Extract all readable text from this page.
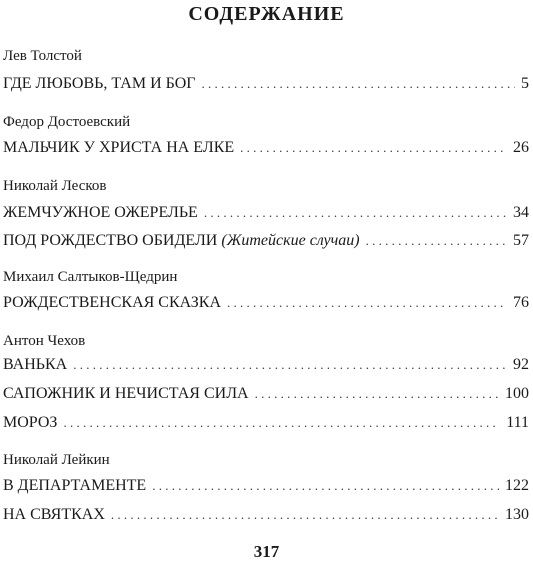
СОДЕРЖАНИЕ
Лев Толстой
ГДЕ ЛЮБОВЬ, ТАМ И БОГ . . .	5
Федор Достоевский
МАЛЬЧИК У ХРИСТА НА ЕЛКЕ . . .	26
Николай Лесков
ЖЕМЧУЖНОЕ ОЖЕРЕЛЬЕ . . .	34
ПОД РОЖДЕСТВО ОБИДЕЛИ (Житейские случаи) . . .	57
Михаил Салтыков-Щедрин
РОЖДЕСТВЕНСКАЯ СКАЗКА . . .	76
Антон Чехов
ВАНЬКА . . .	92
САПОЖНИК И НЕЧИСТАЯ СИЛА . . .	100
МОРОЗ . . .	111
Николай Лейкин
В ДЕПАРТАМЕНТЕ . . .	122
НА СВЯТКАХ . . .	130
317
